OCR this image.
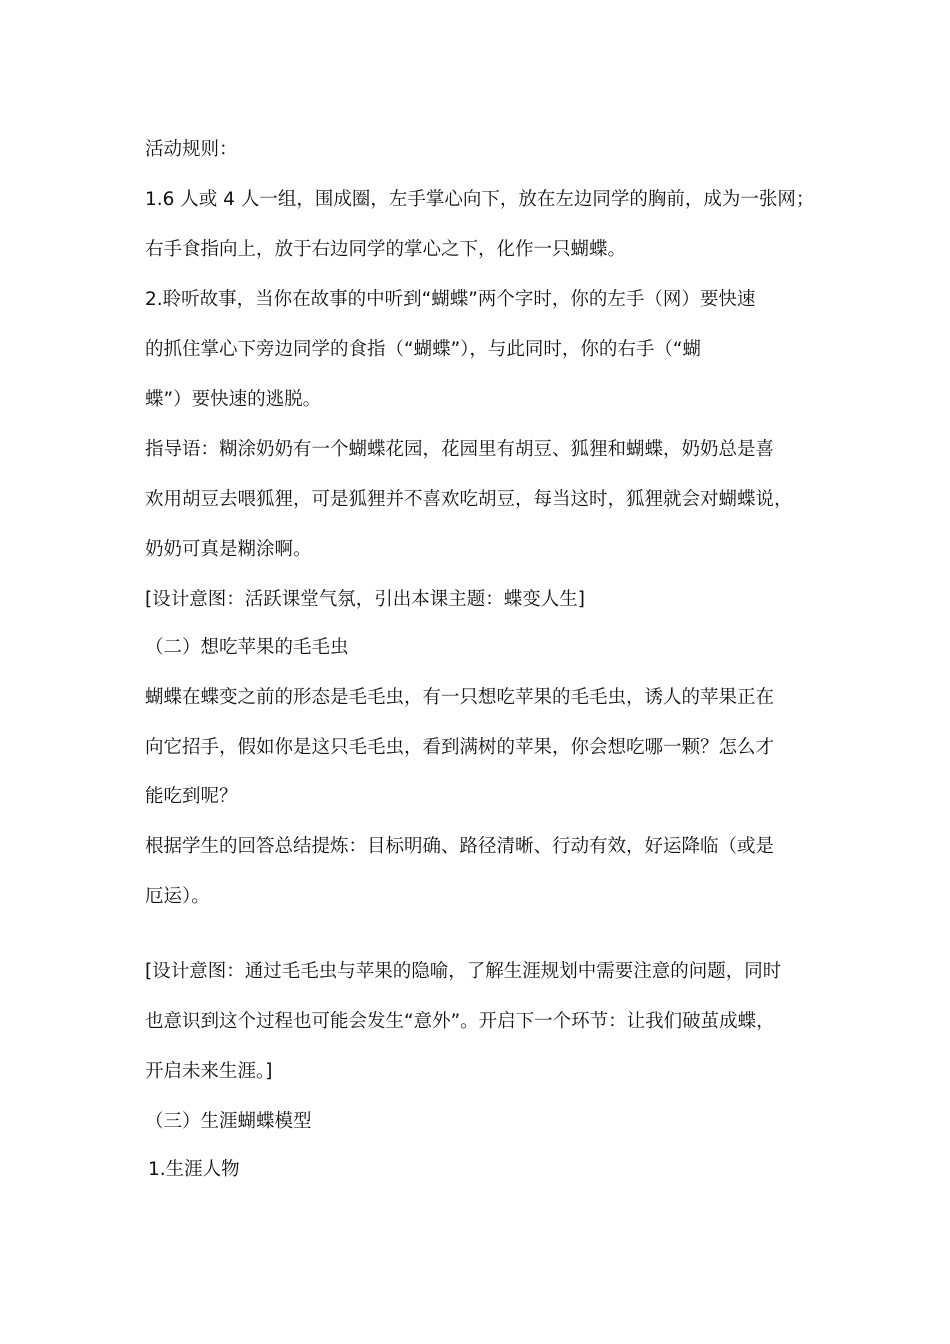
活动规则：
1.6 人或 4 人一组，围成圈，左手掌心向下，放在左边同学的胸前，成为一张网；
右手食指向上，放于右边同学的掌心之下，化作一只蝴蝶。
2.聆听故事，当你在故事的中听到“蝴蝶”两个字时，你的左手（网）要快速
的抓住掌心下旁边同学的食指（“蝴蝶”），与此同时，你的右手（“蝴
蝶”）要快速的逃脱。
指导语：糊涂奶奶有一个蝴蝶花园，花园里有胡豆、狐狸和蝴蝶，奶奶总是喜
欢用胡豆去喂狐狸，可是狐狸并不喜欢吃胡豆，每当这时，狐狸就会对蝴蝶说，
奶奶可真是糊涂啊。
[设计意图：活跃课堂气氛，引出本课主题：蝶变人生]
（二）想吃苹果的毛毛虫
蝴蝶在蝶变之前的形态是毛毛虫，有一只想吃苹果的毛毛虫，诱人的苹果正在
向它招手，假如你是这只毛毛虫，看到满树的苹果，你会想吃哪一颗？怎么才
能吃到呢？
根据学生的回答总结提炼：目标明确、路径清晰、行动有效，好运降临（或是
厄运）。
[设计意图：通过毛毛虫与苹果的隐喻，了解生涯规划中需要注意的问题，同时
也意识到这个过程也可能会发生“意外”。开启下一个环节：让我们破茧成蝶，
开启未来生涯。]
（三）生涯蝴蝶模型
1.生涯人物
